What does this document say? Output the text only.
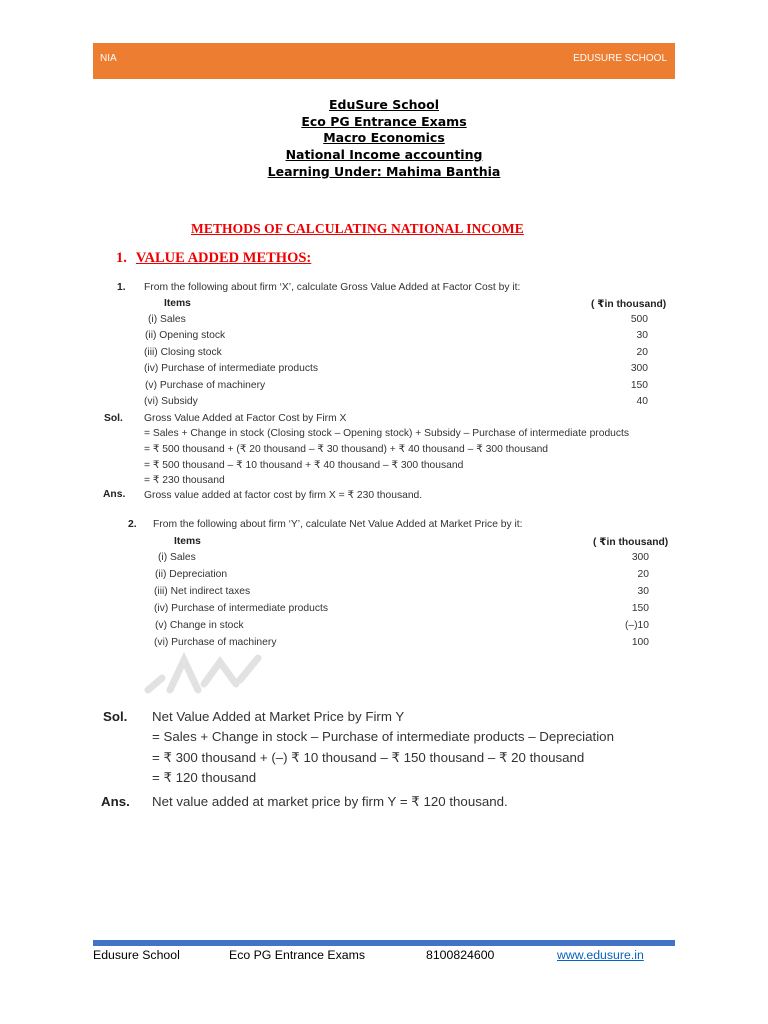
NIA	EDUSURE SCHOOL
EduSure School
Eco PG Entrance Exams
Macro Economics
National Income accounting
Learning Under: Mahima Banthia
METHODS OF CALCULATING NATIONAL INCOME
1. VALUE ADDED METHOS:
1. From the following about firm ‘X’, calculate Gross Value Added at Factor Cost by it:
Items	( ₹in thousand)
(i) Sales	500
(ii) Opening stock	30
(iii) Closing stock	20
(iv) Purchase of intermediate products	300
(v) Purchase of machinery	150
(vi) Subsidy	40
Sol. Gross Value Added at Factor Cost by Firm X
= Sales + Change in stock (Closing stock – Opening stock) + Subsidy – Purchase of intermediate products
= ₹ 500 thousand + (₹ 20 thousand – ₹ 30 thousand) + ₹ 40 thousand – ₹ 300 thousand
= ₹ 500 thousand – ₹ 10 thousand + ₹ 40 thousand – ₹ 300 thousand
= ₹ 230 thousand
Ans. Gross value added at factor cost by firm X = ₹ 230 thousand.
2. From the following about firm ‘Y’, calculate Net Value Added at Market Price by it:
Items	( ₹in thousand)
(i) Sales	300
(ii) Depreciation	20
(iii) Net indirect taxes	30
(iv) Purchase of intermediate products	150
(v) Change in stock	(–)10
(vi) Purchase of machinery	100
Sol. Net Value Added at Market Price by Firm Y
= Sales + Change in stock – Purchase of intermediate products – Depreciation
= ₹ 300 thousand + (–) ₹ 10 thousand – ₹ 150 thousand – ₹ 20 thousand
= ₹ 120 thousand
Ans. Net value added at market price by firm Y = ₹ 120 thousand.
Edusure School	Eco PG Entrance Exams	8100824600	www.edusure.in
